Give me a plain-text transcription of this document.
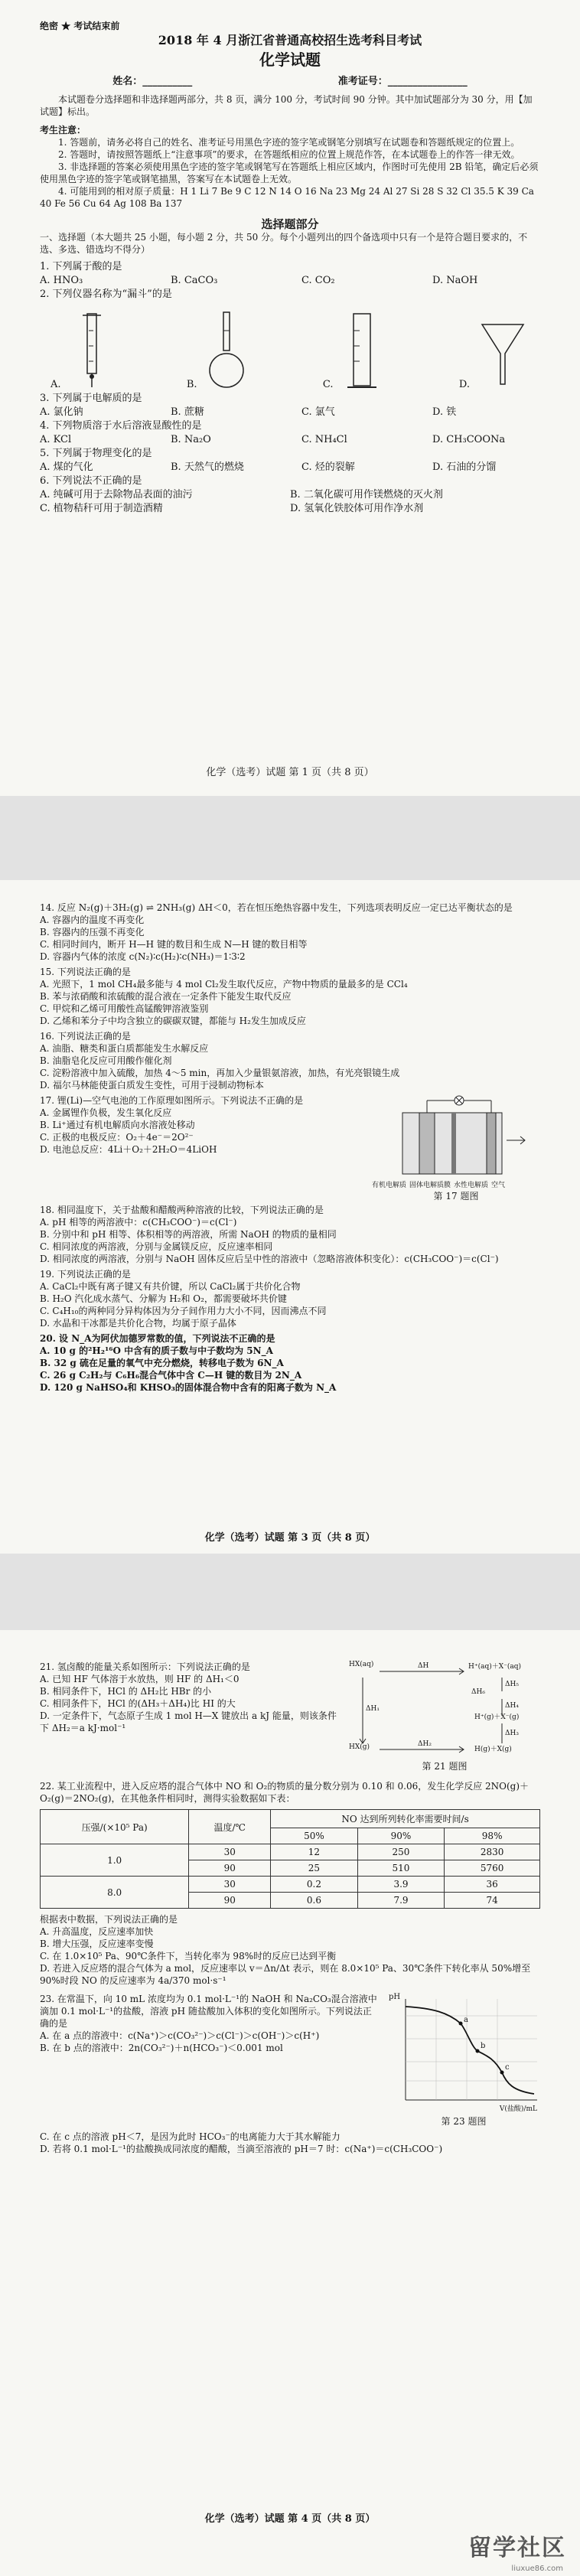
绝密 ★ 考试结束前

2018 年 4 月浙江省普通高校招生选考科目考试

化学试题

姓名：__________	准考证号：________________

本试题卷分选择题和非选择题两部分，共 8 页，满分 100 分，考试时间 90 分钟。其中加试题部分为 30 分，用【加试题】标出。

考生注意：

1. 答题前，请务必将自己的姓名、准考证号用黑色字迹的签字笔或钢笔分别填写在试题卷和答题纸规定的位置上。

2. 答题时，请按照答题纸上“注意事项”的要求，在答题纸相应的位置上规范作答，在本试题卷上的作答一律无效。

3. 非选择题的答案必须使用黑色字迹的签字笔或钢笔写在答题纸上相应区域内，作图时可先使用 2B 铅笔，确定后必须使用黑色字迹的签字笔或钢笔描黑，答案写在本试题卷上无效。

4. 可能用到的相对原子质量：H 1 Li 7 Be 9 C 12 N 14 O 16 Na 23 Mg 24 Al 27 Si 28 S 32 Cl 35.5 K 39 Ca 40 Fe 56 Cu 64 Ag 108 Ba 137

选择题部分

一、选择题（本大题共 25 小题，每小题 2 分，共 50 分。每个小题列出的四个备选项中只有一个是符合题目要求的，不选、多选、错选均不得分）

1. 下列属于酸的是

A. HNO₃	B. CaCO₃	C. CO₂	D. NaOH

2. 下列仪器名称为“漏斗”的是

A.	B.	C.	D.

3. 下列属于电解质的是

A. 氯化钠	B. 蔗糖	C. 氯气	D. 铁

4. 下列物质溶于水后溶液显酸性的是

A. KCl	B. Na₂O	C. NH₄Cl	D. CH₃COONa

5. 下列属于物理变化的是

A. 煤的气化	B. 天然气的燃烧	C. 烃的裂解	D. 石油的分馏

6. 下列说法不正确的是

A. 纯碱可用于去除物品表面的油污	B. 二氧化碳可用作镁燃烧的灭火剂
C. 植物秸秆可用于制造酒精	D. 氢氧化铁胶体可用作净水剂
化学（选考）试题 第 1 页（共 8 页）

14. 反应 N₂(g)＋3H₂(g) ⇌ 2NH₃(g) ΔH＜0，若在恒压绝热容器中发生，下列选项表明反应一定已达平衡状态的是

A. 容器内的温度不再变化

B. 容器内的压强不再变化

C. 相同时间内，断开 H—H 键的数目和生成 N—H 键的数目相等

D. 容器内气体的浓度 c(N₂)∶c(H₂)∶c(NH₃)＝1∶3∶2

15. 下列说法正确的是

A. 光照下，1 mol CH₄最多能与 4 mol Cl₂发生取代反应，产物中物质的量最多的是 CCl₄

B. 苯与浓硝酸和浓硫酸的混合液在一定条件下能发生取代反应

C. 甲烷和乙烯可用酸性高锰酸钾溶液鉴别

D. 乙烯和苯分子中均含独立的碳碳双键，都能与 H₂发生加成反应

16. 下列说法正确的是

A. 油脂、糖类和蛋白质都能发生水解反应

B. 油脂皂化反应可用酸作催化剂

C. 淀粉溶液中加入硫酸，加热 4～5 min，再加入少量银氨溶液，加热，有光亮银镜生成

D. 福尔马林能使蛋白质发生变性，可用于浸制动物标本

17. 锂(Li)—空气电池的工作原理如图所示。下列说法不正确的是

A. 金属锂作负极，发生氧化反应

B. Li⁺通过有机电解质向水溶液处移动

C. 正极的电极反应：O₂＋4e⁻＝2O²⁻

D. 电池总反应：4Li＋O₂＋2H₂O＝4LiOH

有机电解质 固体电解质膜 水性电解质 空气

第 17 题图

18. 相同温度下，关于盐酸和醋酸两种溶液的比较，下列说法正确的是

A. pH 相等的两溶液中：c(CH₃COO⁻)＝c(Cl⁻)

B. 分别中和 pH 相等、体积相等的两溶液，所需 NaOH 的物质的量相同

C. 相同浓度的两溶液，分别与金属镁反应，反应速率相同

D. 相同浓度的两溶液，分别与 NaOH 固体反应后呈中性的溶液中（忽略溶液体积变化）：c(CH₃COO⁻)＝c(Cl⁻)

19. 下列说法正确的是

A. CaCl₂中既有离子键又有共价键，所以 CaCl₂属于共价化合物

B. H₂O 汽化成水蒸气、分解为 H₂和 O₂，都需要破坏共价键

C. C₄H₁₀的两种同分异构体因为分子间作用力大小不同，因而沸点不同

D. 水晶和干冰都是共价化合物，均属于原子晶体

20. 设 N_A为阿伏加德罗常数的值，下列说法不正确的是

A. 10 g 的²H₂¹⁶O 中含有的质子数与中子数均为 5N_A

B. 32 g 硫在足量的氧气中充分燃烧，转移电子数为 6N_A

C. 26 g C₂H₂与 C₆H₆混合气体中含 C—H 键的数目为 2N_A

D. 120 g NaHSO₄和 KHSO₃的固体混合物中含有的阳离子数为 N_A

化学（选考）试题 第 3 页（共 8 页）

21. 氢卤酸的能量关系如图所示：下列说法正确的是

A. 已知 HF 气体溶于水放热，则 HF 的 ΔH₁＜0

B. 相同条件下，HCl 的 ΔH₂比 HBr 的小

C. 相同条件下，HCl 的(ΔH₃＋ΔH₄)比 HI 的大

D. 一定条件下，气态原子生成 1 mol H—X 键放出 a kJ 能量，则该条件下 ΔH₂＝a kJ·mol⁻¹

HX(aq)	H⁺(aq)＋X⁻(aq)
HX(g)	H(g)＋X(g)
H⁺(g)＋X⁻(g)
ΔH
ΔH₁
ΔH₂
ΔH₃
ΔH₄
ΔH₅
ΔH₆

第 21 题图

22. 某工业流程中，进入反应塔的混合气体中 NO 和 O₂的物质的量分数分别为 0.10 和 0.06，发生化学反应 2NO(g)＋O₂(g)＝2NO₂(g)，在其他条件相同时，测得实验数据如下表：

压强/(×10⁵ Pa)	温度/℃	NO 达到所列转化率需要时间/s		
		50%	90%	98%
1.0	30	12	250	2830
	90	25	510	5760
8.0	30	0.2	3.9	36
	90	0.6	7.9	74

根据表中数据，下列说法正确的是

A. 升高温度，反应速率加快

B. 增大压强，反应速率变慢

C. 在 1.0×10⁵ Pa、90℃条件下，当转化率为 98%时的反应已达到平衡

D. 若进入反应塔的混合气体为 a mol，反应速率以 v＝Δn/Δt 表示，则在 8.0×10⁵ Pa、30℃条件下转化率从 50%增至 90%时段 NO 的反应速率为 4a/370 mol·s⁻¹

23. 在常温下，向 10 mL 浓度均为 0.1 mol·L⁻¹的 NaOH 和 Na₂CO₃混合溶液中滴加 0.1 mol·L⁻¹的盐酸，溶液 pH 随盐酸加入体积的变化如图所示。下列说法正确的是

A. 在 a 点的溶液中：c(Na⁺)＞c(CO₃²⁻)＞c(Cl⁻)＞c(OH⁻)＞c(H⁺)

B. 在 b 点的溶液中：2n(CO₃²⁻)＋n(HCO₃⁻)＜0.001 mol

pH
V(盐酸)/mL
a
b
c

第 23 题图

C. 在 c 点的溶液 pH＜7，是因为此时 HCO₃⁻的电离能力大于其水解能力

D. 若将 0.1 mol·L⁻¹的盐酸换成同浓度的醋酸，当滴至溶液的 pH＝7 时：c(Na⁺)＝c(CH₃COO⁻)

化学（选考）试题 第 4 页（共 8 页）
留学社区
liuxue86.com
